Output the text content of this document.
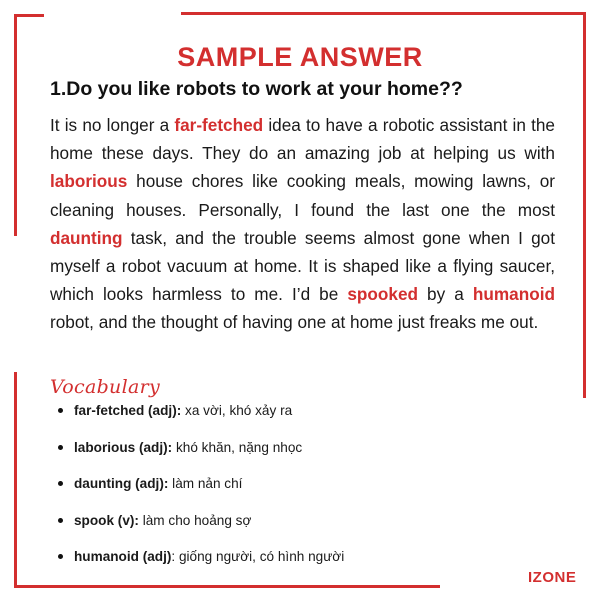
SAMPLE ANSWER
1.Do you like robots to work at your home??

It is no longer a far-fetched idea to have a robotic assistant in the home these days. They do an amazing job at helping us with laborious house chores like cooking meals, mowing lawns, or cleaning houses. Personally, I found the last one the most daunting task, and the trouble seems almost gone when I got myself a robot vacuum at home. It is shaped like a flying saucer, which looks harmless to me. I’d be spooked by a humanoid robot, and the thought of having one at home just freaks me out.

Vocabulary
far-fetched (adj): xa vời, khó xảy ra
laborious (adj): khó khăn, nặng nhọc
daunting (adj): làm nản chí
spook (v): làm cho hoảng sợ
humanoid (adj): giống người, có hình người
IZONE
